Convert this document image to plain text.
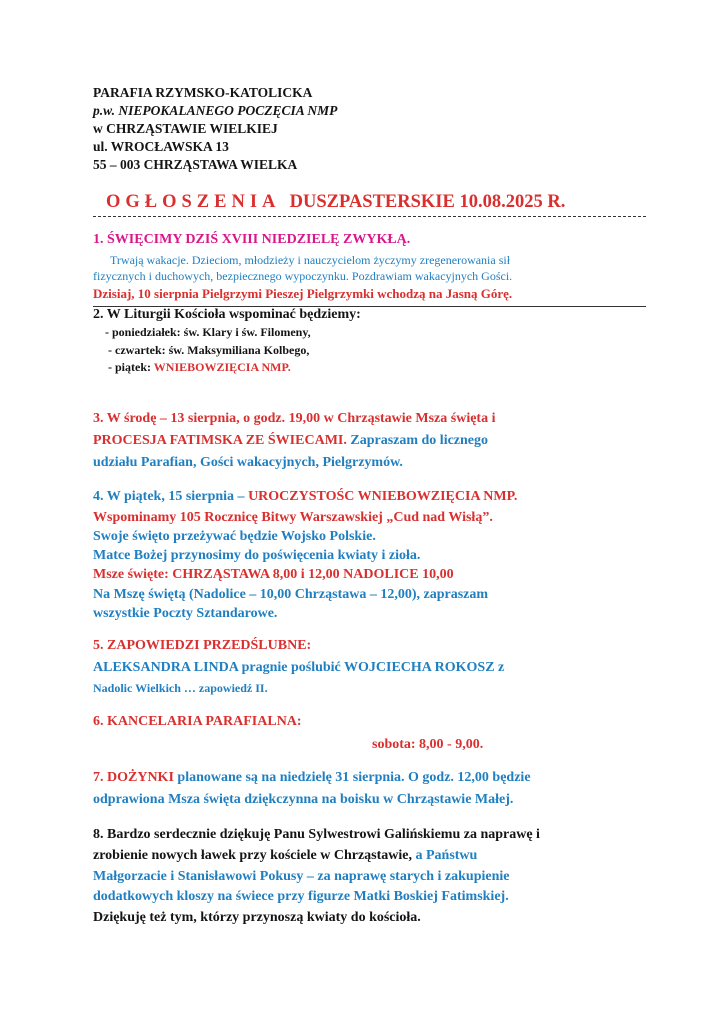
PARAFIA RZYMSKO-KATOLICKA
p.w. NIEPOKALANEGO POCZĘCIA NMP
w CHRZĄSTAWIE WIELKIEJ
ul. WROCŁAWSKA 13
55 – 003 CHRZĄSTAWA WIELKA
OGŁOSZENIA DUSZPASTERSKIE 10.08.2025 R.
1. ŚWIĘCIMY DZIŚ XVIII NIEDZIELĘ ZWYKŁĄ.
Trwają wakacje. Dzieciom, młodzieży i nauczycielom życzymy zregenerowania sił
fizycznych i duchowych, bezpiecznego wypoczynku. Pozdrawiam wakacyjnych Gości.
Dzisiaj, 10 sierpnia Pielgrzymi Pieszej Pielgrzymki wchodzą na Jasną Górę.
2. W Liturgii Kościoła wspominać będziemy:
- poniedziałek: św. Klary i św. Filomeny,
- czwartek: św. Maksymiliana Kolbego,
- piątek: WNIEBOWZIĘCIA NMP.
3. W środę – 13 sierpnia, o godz. 19,00 w Chrząstawie Msza święta i
PROCESJA FATIMSKA ZE ŚWIECAMI. Zapraszam do licznego
udziału Parafian, Gości wakacyjnych, Pielgrzymów.
4. W piątek, 15 sierpnia – UROCZYSTOŚC WNIEBOWZIĘCIA NMP.
Wspominamy 105 Rocznicę Bitwy Warszawskiej „Cud nad Wisłą”.
Swoje święto przeżywać będzie Wojsko Polskie.
Matce Bożej przynosimy do poświęcenia kwiaty i zioła.
Msze święte: CHRZĄSTAWA 8,00 i 12,00 NADOLICE 10,00
Na Mszę świętą (Nadolice – 10,00 Chrząstawa – 12,00), zapraszam
wszystkie Poczty Sztandarowe.
5. ZAPOWIEDZI PRZEDŚLUBNE:
ALEKSANDRA LINDA pragnie poślubić WOJCIECHA ROKOSZ z
Nadolic Wielkich … zapowiedź II.
6. KANCELARIA PARAFIALNA:
sobota: 8,00 - 9,00.
7. DOŻYNKI planowane są na niedzielę 31 sierpnia. O godz. 12,00 będzie
odprawiona Msza święta dziękczynna na boisku w Chrząstawie Małej.
8. Bardzo serdecznie dziękuję Panu Sylwestrowi Galińskiemu za naprawę i
zrobienie nowych ławek przy kościele w Chrząstawie, a Państwu
Małgorzacie i Stanisławowi Pokusy – za naprawę starych i zakupienie
dodatkowych kloszy na świece przy figurze Matki Boskiej Fatimskiej.
Dziękuję też tym, którzy przynoszą kwiaty do kościoła.
